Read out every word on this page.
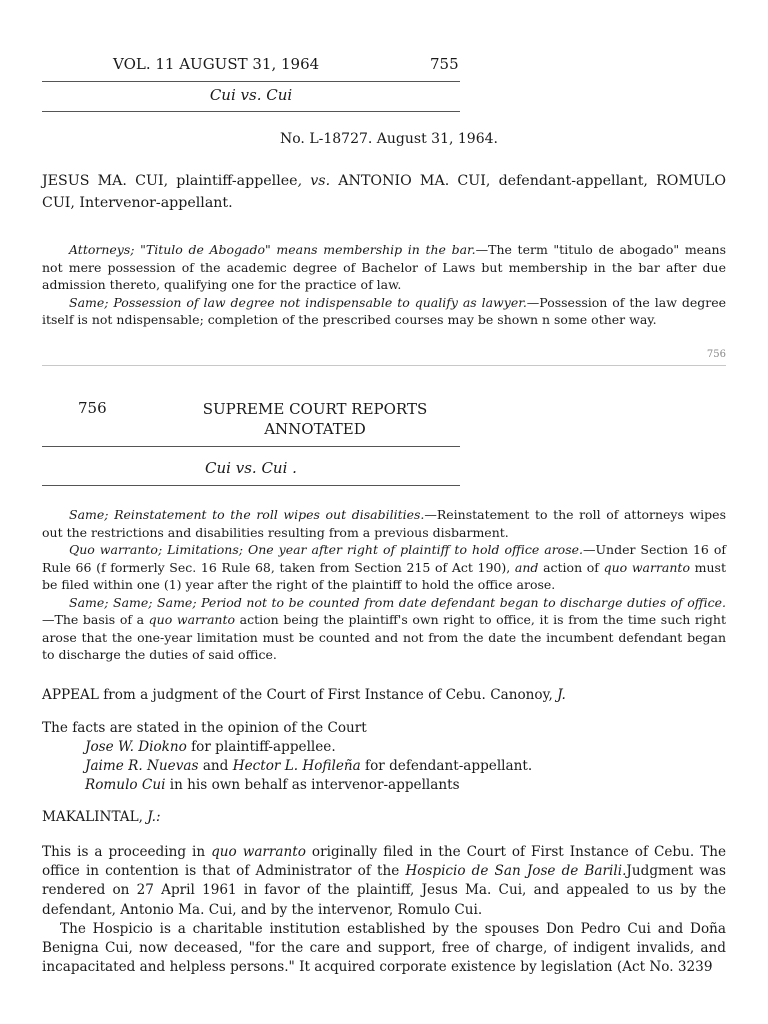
VOL. 11 AUGUST 31, 1964	755
Cui vs. Cui
No. L-18727. August 31, 1964.
JESUS MA. CUI, plaintiff-appellee, vs. ANTONIO MA. CUI, defendant-appellant, ROMULO CUI, Intervenor-appellant.

Attorneys; "Titulo de Abogado" means membership in the bar.—The term "titulo de abogado" means not mere possession of the academic degree of Bachelor of Laws but membership in the bar after due admission thereto, qualifying one for the practice of law.

Same; Possession of law degree not indispensable to qualify as lawyer.—Possession of the law degree itself is not ndispensable; completion of the prescribed courses may be shown n some other way.

756
756	SUPREME COURT REPORTS
ANNOTATED
Cui vs. Cui .

Same; Reinstatement to the roll wipes out disabilities.—Reinstatement to the roll of attorneys wipes out the restrictions and disabilities resulting from a previous disbarment.

Quo warranto; Limitations; One year after right of plaintiff to hold office arose.—Under Section 16 of Rule 66 (f formerly Sec. 16 Rule 68, taken from Section 215 of Act 190), and action of quo warranto must be filed within one (1) year after the right of the plaintiff to hold the office arose.

Same; Same; Same; Period not to be counted from date defendant began to discharge duties of office.—The basis of a quo warranto action being the plaintiff's own right to office, it is from the time such right arose that the one-year limitation must be counted and not from the date the incumbent defendant began to discharge the duties of said office.

APPEAL from a judgment of the Court of First Instance of Cebu. Canonoy, J.
The facts are stated in the opinion of the Court
Jose W. Diokno for plaintiff-appellee.
Jaime R. Nuevas and Hector L. Hofileña for defendant-appellant.
Romulo Cui in his own behalf as intervenor-appellants
MAKALINTAL, J.:

This is a proceeding in quo warranto originally filed in the Court of First Instance of Cebu. The office in contention is that of Administrator of the Hospicio de San Jose de Barili.Judgment was rendered on 27 April 1961 in favor of the plaintiff, Jesus Ma. Cui, and appealed to us by the defendant, Antonio Ma. Cui, and by the intervenor, Romulo Cui.

The Hospicio is a charitable institution established by the spouses Don Pedro Cui and Doña Benigna Cui, now deceased, "for the care and support, free of charge, of indigent invalids, and incapacitated and helpless persons." It acquired corporate existence by legislation (Act No. 3239
